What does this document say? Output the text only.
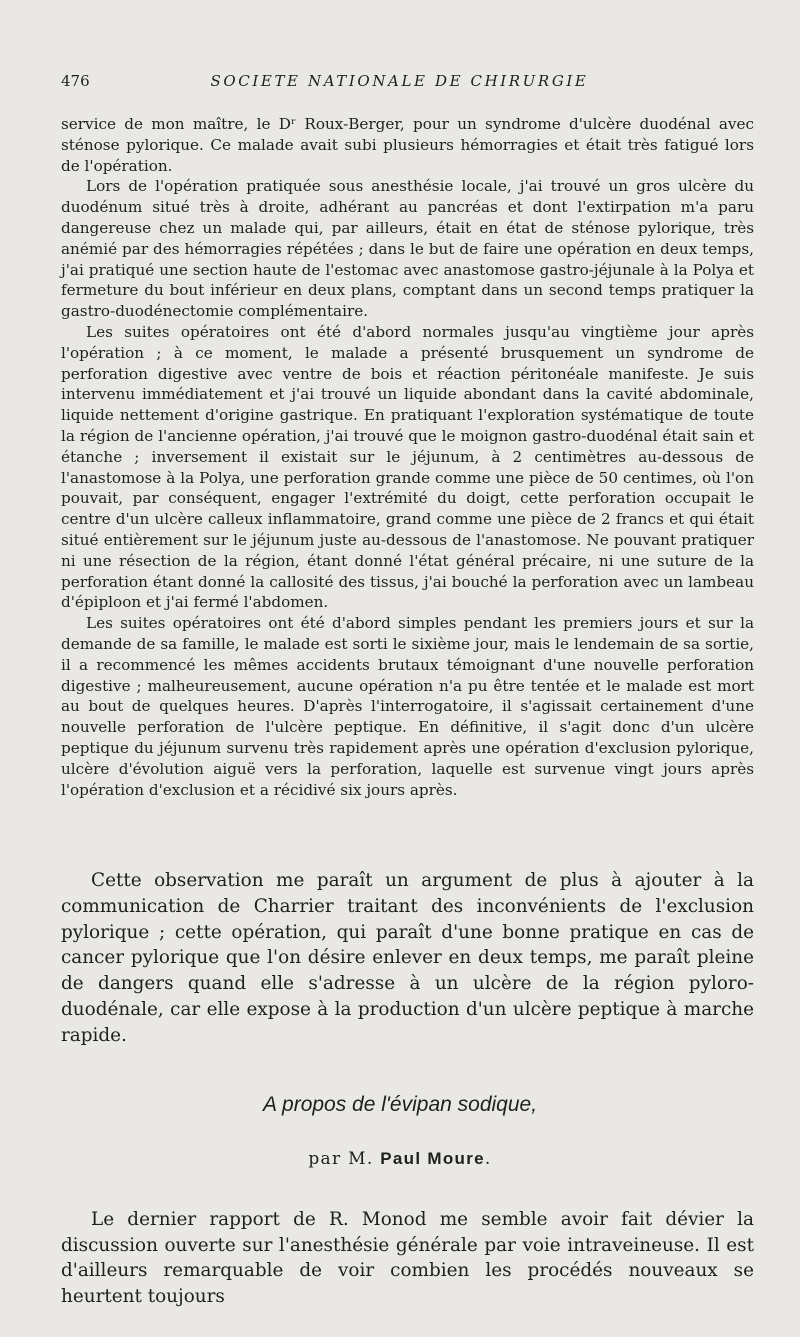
476	SOCIETE NATIONALE DE CHIRURGIE

service de mon maître, le Dʳ Roux-Berger, pour un syndrome d'ulcère duodénal avec sténose pylorique. Ce malade avait subi plusieurs hémorragies et était très fatigué lors de l'opération.

Lors de l'opération pratiquée sous anesthésie locale, j'ai trouvé un gros ulcère du duodénum situé très à droite, adhérant au pancréas et dont l'extirpation m'a paru dangereuse chez un malade qui, par ailleurs, était en état de sténose pylorique, très anémié par des hémorragies répétées ; dans le but de faire une opération en deux temps, j'ai pratiqué une section haute de l'estomac avec anastomose gastro-jéjunale à la Polya et fermeture du bout inférieur en deux plans, comptant dans un second temps pratiquer la gastro-duodénectomie complémentaire.

Les suites opératoires ont été d'abord normales jusqu'au vingtième jour après l'opération ; à ce moment, le malade a présenté brusquement un syndrome de perforation digestive avec ventre de bois et réaction péritonéale manifeste. Je suis intervenu immédiatement et j'ai trouvé un liquide abondant dans la cavité abdominale, liquide nettement d'origine gastrique. En pratiquant l'exploration systématique de toute la région de l'ancienne opération, j'ai trouvé que le moignon gastro-duodénal était sain et étanche ; inversement il existait sur le jéjunum, à 2 centimètres au-dessous de l'anastomose à la Polya, une perforation grande comme une pièce de 50 centimes, où l'on pouvait, par conséquent, engager l'extrémité du doigt, cette perforation occupait le centre d'un ulcère calleux inflammatoire, grand comme une pièce de 2 francs et qui était situé entièrement sur le jéjunum juste au-dessous de l'anastomose. Ne pouvant pratiquer ni une résection de la région, étant donné l'état général précaire, ni une suture de la perforation étant donné la callosité des tissus, j'ai bouché la perforation avec un lambeau d'épiploon et j'ai fermé l'abdomen.

Les suites opératoires ont été d'abord simples pendant les premiers jours et sur la demande de sa famille, le malade est sorti le sixième jour, mais le lendemain de sa sortie, il a recommencé les mêmes accidents brutaux témoignant d'une nouvelle perforation digestive ; malheureusement, aucune opération n'a pu être tentée et le malade est mort au bout de quelques heures. D'après l'interrogatoire, il s'agissait certainement d'une nouvelle perforation de l'ulcère peptique. En définitive, il s'agit donc d'un ulcère peptique du jéjunum survenu très rapidement après une opération d'exclusion pylorique, ulcère d'évolution aiguë vers la perforation, laquelle est survenue vingt jours après l'opération d'exclusion et a récidivé six jours après.

Cette observation me paraît un argument de plus à ajouter à la communication de Charrier traitant des inconvénients de l'exclusion pylorique ; cette opération, qui paraît d'une bonne pratique en cas de cancer pylorique que l'on désire enlever en deux temps, me paraît pleine de dangers quand elle s'adresse à un ulcère de la région pyloro-duodénale, car elle expose à la production d'un ulcère peptique à marche rapide.

A propos de l'évipan sodique,
par M. Paul Moure.

Le dernier rapport de R. Monod me semble avoir fait dévier la discussion ouverte sur l'anesthésie générale par voie intraveineuse. Il est d'ailleurs remarquable de voir combien les procédés nouveaux se heurtent toujours
